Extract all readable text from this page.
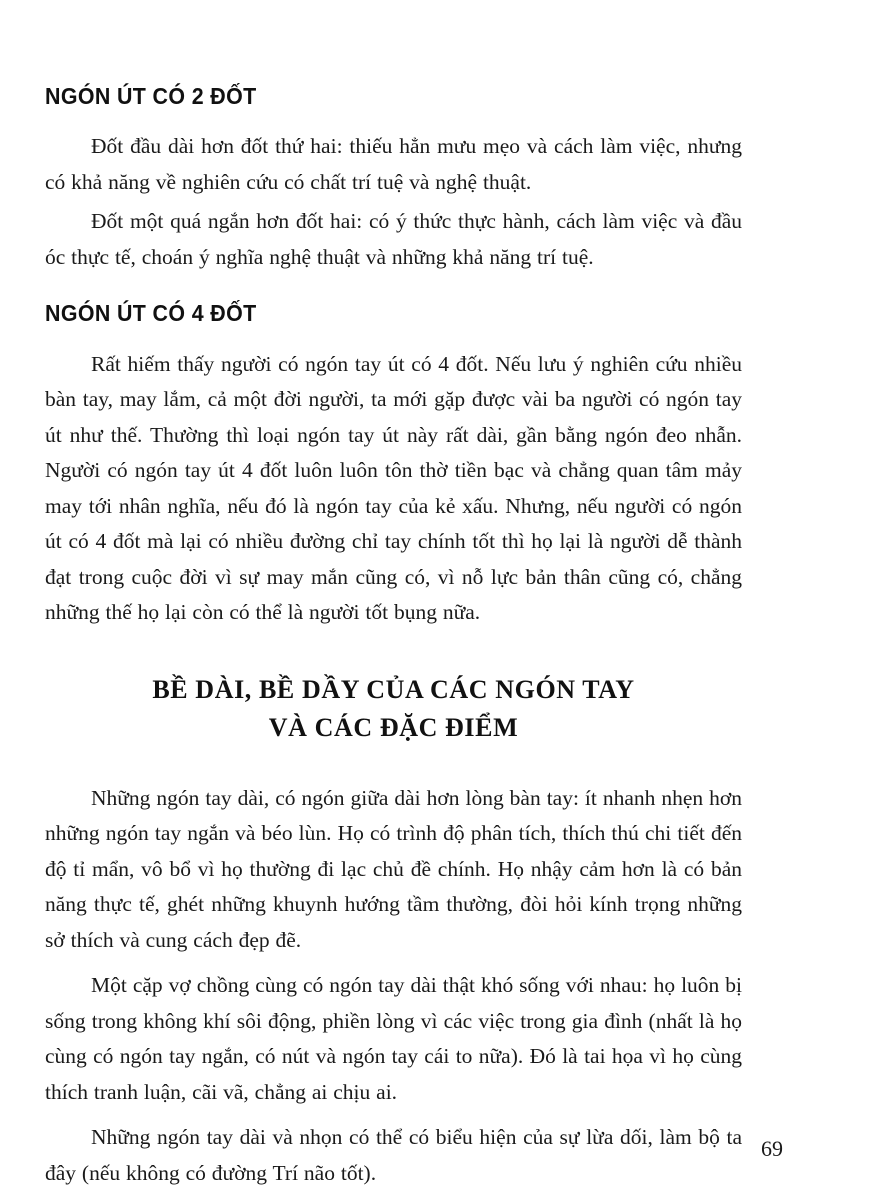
NGÓN ÚT CÓ 2 ĐỐT

Đốt đầu dài hơn đốt thứ hai: thiếu hẳn mưu mẹo và cách làm việc, nhưng có khả năng về nghiên cứu có chất trí tuệ và nghệ thuật.

Đốt một quá ngắn hơn đốt hai: có ý thức thực hành, cách làm việc và đầu óc thực tế, choán ý nghĩa nghệ thuật và những khả năng trí tuệ.

NGÓN ÚT CÓ 4 ĐỐT

Rất hiếm thấy người có ngón tay út có 4 đốt. Nếu lưu ý nghiên cứu nhiều bàn tay, may lắm, cả một đời người, ta mới gặp được vài ba người có ngón tay út như thế. Thường thì loại ngón tay út này rất dài, gần bằng ngón đeo nhẫn. Người có ngón tay út 4 đốt luôn luôn tôn thờ tiền bạc và chẳng quan tâm mảy may tới nhân nghĩa, nếu đó là ngón tay của kẻ xấu. Nhưng, nếu người có ngón út có 4 đốt mà lại có nhiều đường chỉ tay chính tốt thì họ lại là người dễ thành đạt trong cuộc đời vì sự may mắn cũng có, vì nỗ lực bản thân cũng có, chẳng những thế họ lại còn có thể là người tốt bụng nữa.

BỀ DÀI, BỀ DẦY CỦA CÁC NGÓN TAY
VÀ CÁC ĐẶC ĐIỂM

Những ngón tay dài, có ngón giữa dài hơn lòng bàn tay: ít nhanh nhẹn hơn những ngón tay ngắn và béo lùn. Họ có trình độ phân tích, thích thú chi tiết đến độ tỉ mẩn, vô bổ vì họ thường đi lạc chủ đề chính. Họ nhậy cảm hơn là có bản năng thực tế, ghét những khuynh hướng tầm thường, đòi hỏi kính trọng những sở thích và cung cách đẹp đẽ.

Một cặp vợ chồng cùng có ngón tay dài thật khó sống với nhau: họ luôn bị sống trong không khí sôi động, phiền lòng vì các việc trong gia đình (nhất là họ cùng có ngón tay ngắn, có nút và ngón tay cái to nữa). Đó là tai họa vì họ cùng thích tranh luận, cãi vã, chẳng ai chịu ai.

Những ngón tay dài và nhọn có thể có biểu hiện của sự lừa dối, làm bộ ta đây (nếu không có đường Trí não tốt).

69
